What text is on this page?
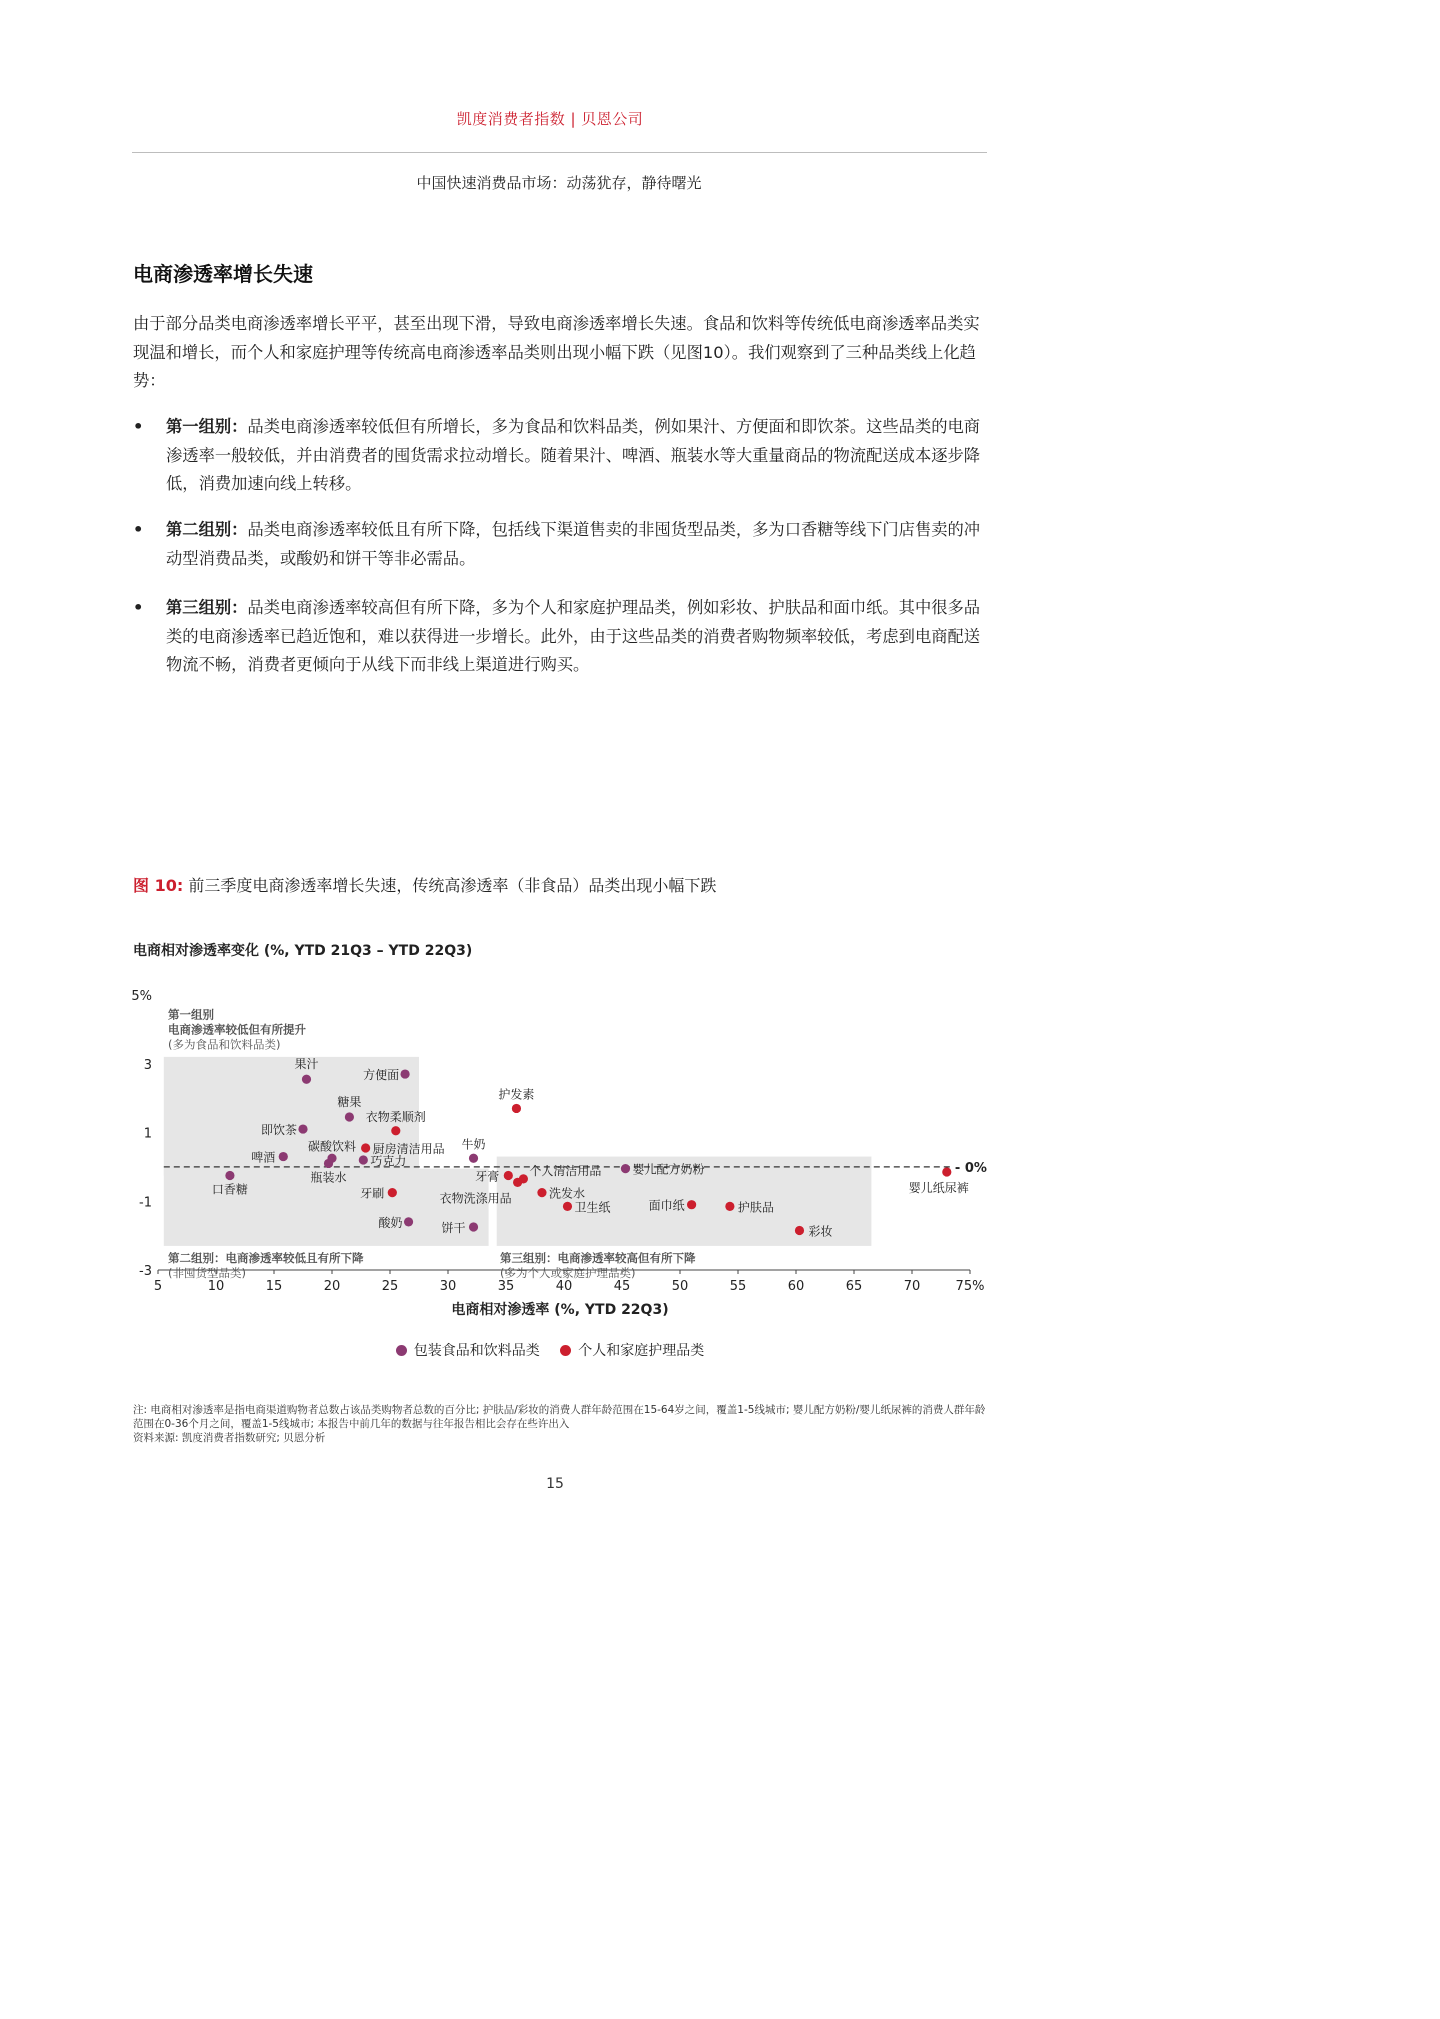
凯度消费者指数 | 贝恩公司
中国快速消费品市场：动荡犹存，静待曙光
电商渗透率增长失速
由于部分品类电商渗透率增长平平，甚至出现下滑，导致电商渗透率增长失速。食品和饮料等传统低电商渗透率品类实现温和增长，而个人和家庭护理等传统高电商渗透率品类则出现小幅下跌（见图10）。我们观察到了三种品类线上化趋势：
• 第一组别：品类电商渗透率较低但有所增长，多为食品和饮料品类，例如果汁、方便面和即饮茶。这些品类的电商渗透率一般较低，并由消费者的囤货需求拉动增长。随着果汁、啤酒、瓶装水等大重量商品的物流配送成本逐步降低，消费加速向线上转移。
• 第二组别：品类电商渗透率较低且有所下降，包括线下渠道售卖的非囤货型品类，多为口香糖等线下门店售卖的冲动型消费品类，或酸奶和饼干等非必需品。
• 第三组别：品类电商渗透率较高但有所下降，多为个人和家庭护理品类，例如彩妆、护肤品和面巾纸。其中很多品类的电商渗透率已趋近饱和，难以获得进一步增长。此外，由于这些品类的消费者购物频率较低，考虑到电商配送物流不畅，消费者更倾向于从线下而非线上渠道进行购买。
图 10: 前三季度电商渗透率增长失速，传统高渗透率（非食品）品类出现小幅下跌
电商相对渗透率变化 (%, YTD 21Q3 – YTD 22Q3)
- 0%
5	10	15	20	25	30	35	40	45	50	55	60	65	70	75%
5%
3
1
-1
-3
电商相对渗透率 (%, YTD 22Q3)
第一组别
电商渗透率较低但有所提升
(多为食品和饮料品类)
第二组别：电商渗透率较低且有所下降
(非囤货型品类)
第三组别：电商渗透率较高但有所下降
(多为个人或家庭护理品类)
果汁
方便面
糖果
即饮茶
啤酒
碳酸饮料
巧克力
瓶装水
口香糖
牛奶
酸奶	饼干
婴儿配方奶粉
衣物柔顺剂
厨房清洁用品
护发素
牙膏	个人清洁用品
衣物洗涤用品
牙刷	洗发水
卫生纸	面巾纸	护肤品
彩妆
婴儿纸尿裤
包装食品和饮料品类
	个人和家庭护理品类
注: 电商相对渗透率是指电商渠道购物者总数占该品类购物者总数的百分比; 护肤品/彩妆的消费人群年龄范围在15-64岁之间，覆盖1-5线城市; 婴儿配方奶粉/婴儿纸尿裤的消费人群年龄范围在0-36个月之间，覆盖1-5线城市; 本报告中前几年的数据与往年报告相比会存在些许出入
资料来源: 凯度消费者指数研究; 贝恩分析
15
